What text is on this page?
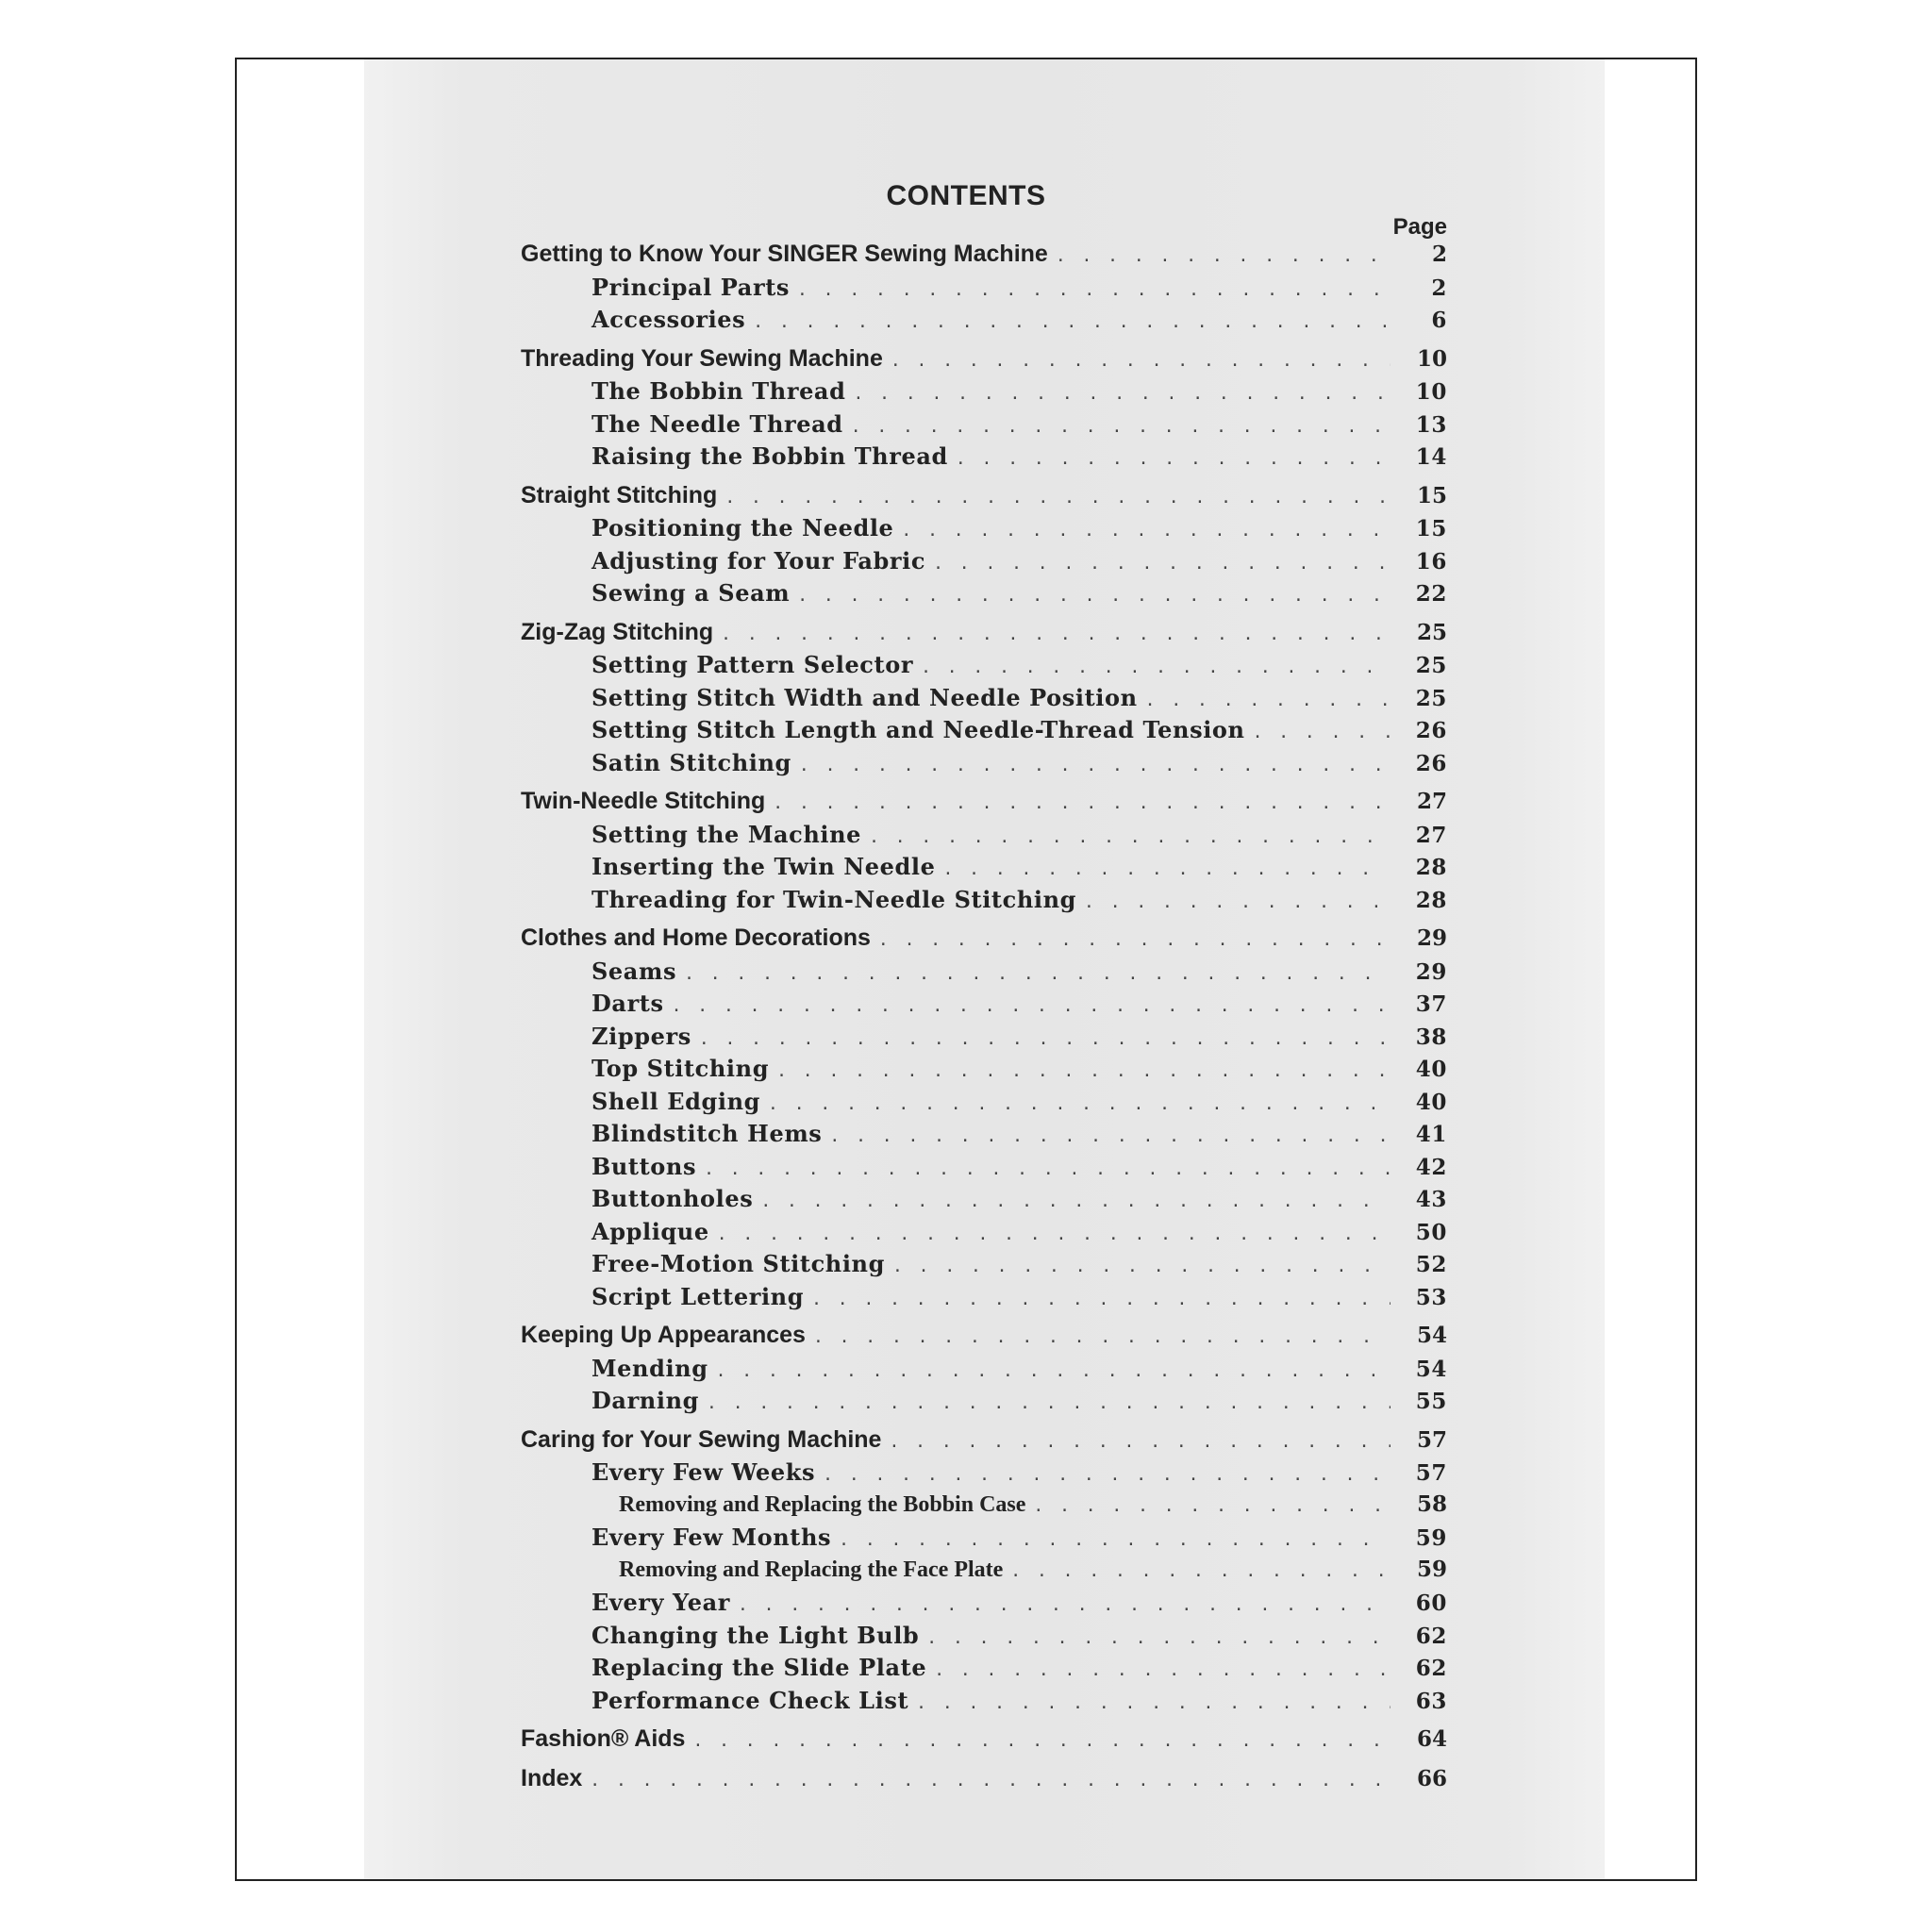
CONTENTS
Page
Getting to Know Your SINGER Sewing Machine . . .	2
Principal Parts . . .	2
Accessories . . .	6
Threading Your Sewing Machine . . .	10
The Bobbin Thread . . .	10
The Needle Thread . . .	13
Raising the Bobbin Thread . . .	14
Straight Stitching . . .	15
Positioning the Needle . . .	15
Adjusting for Your Fabric . . .	16
Sewing a Seam . . .	22
Zig-Zag Stitching . . .	25
Setting Pattern Selector . . .	25
Setting Stitch Width and Needle Position . . .	25
Setting Stitch Length and Needle-Thread Tension . . .	26
Satin Stitching . . .	26
Twin-Needle Stitching . . .	27
Setting the Machine . . .	27
Inserting the Twin Needle . . .	28
Threading for Twin-Needle Stitching . . .	28
Clothes and Home Decorations . . .	29
Seams . . .	29
Darts . . .	37
Zippers . . .	38
Top Stitching . . .	40
Shell Edging . . .	40
Blindstitch Hems . . .	41
Buttons . . .	42
Buttonholes . . .	43
Applique . . .	50
Free-Motion Stitching . . .	52
Script Lettering . . .	53
Keeping Up Appearances . . .	54
Mending . . .	54
Darning . . .	55
Caring for Your Sewing Machine . . .	57
Every Few Weeks . . .	57
Removing and Replacing the Bobbin Case . . .	58
Every Few Months . . .	59
Removing and Replacing the Face Plate . . .	59
Every Year . . .	60
Changing the Light Bulb . . .	62
Replacing the Slide Plate . . .	62
Performance Check List . . .	63
Fashion® Aids . . .	64
Index . . .	66
